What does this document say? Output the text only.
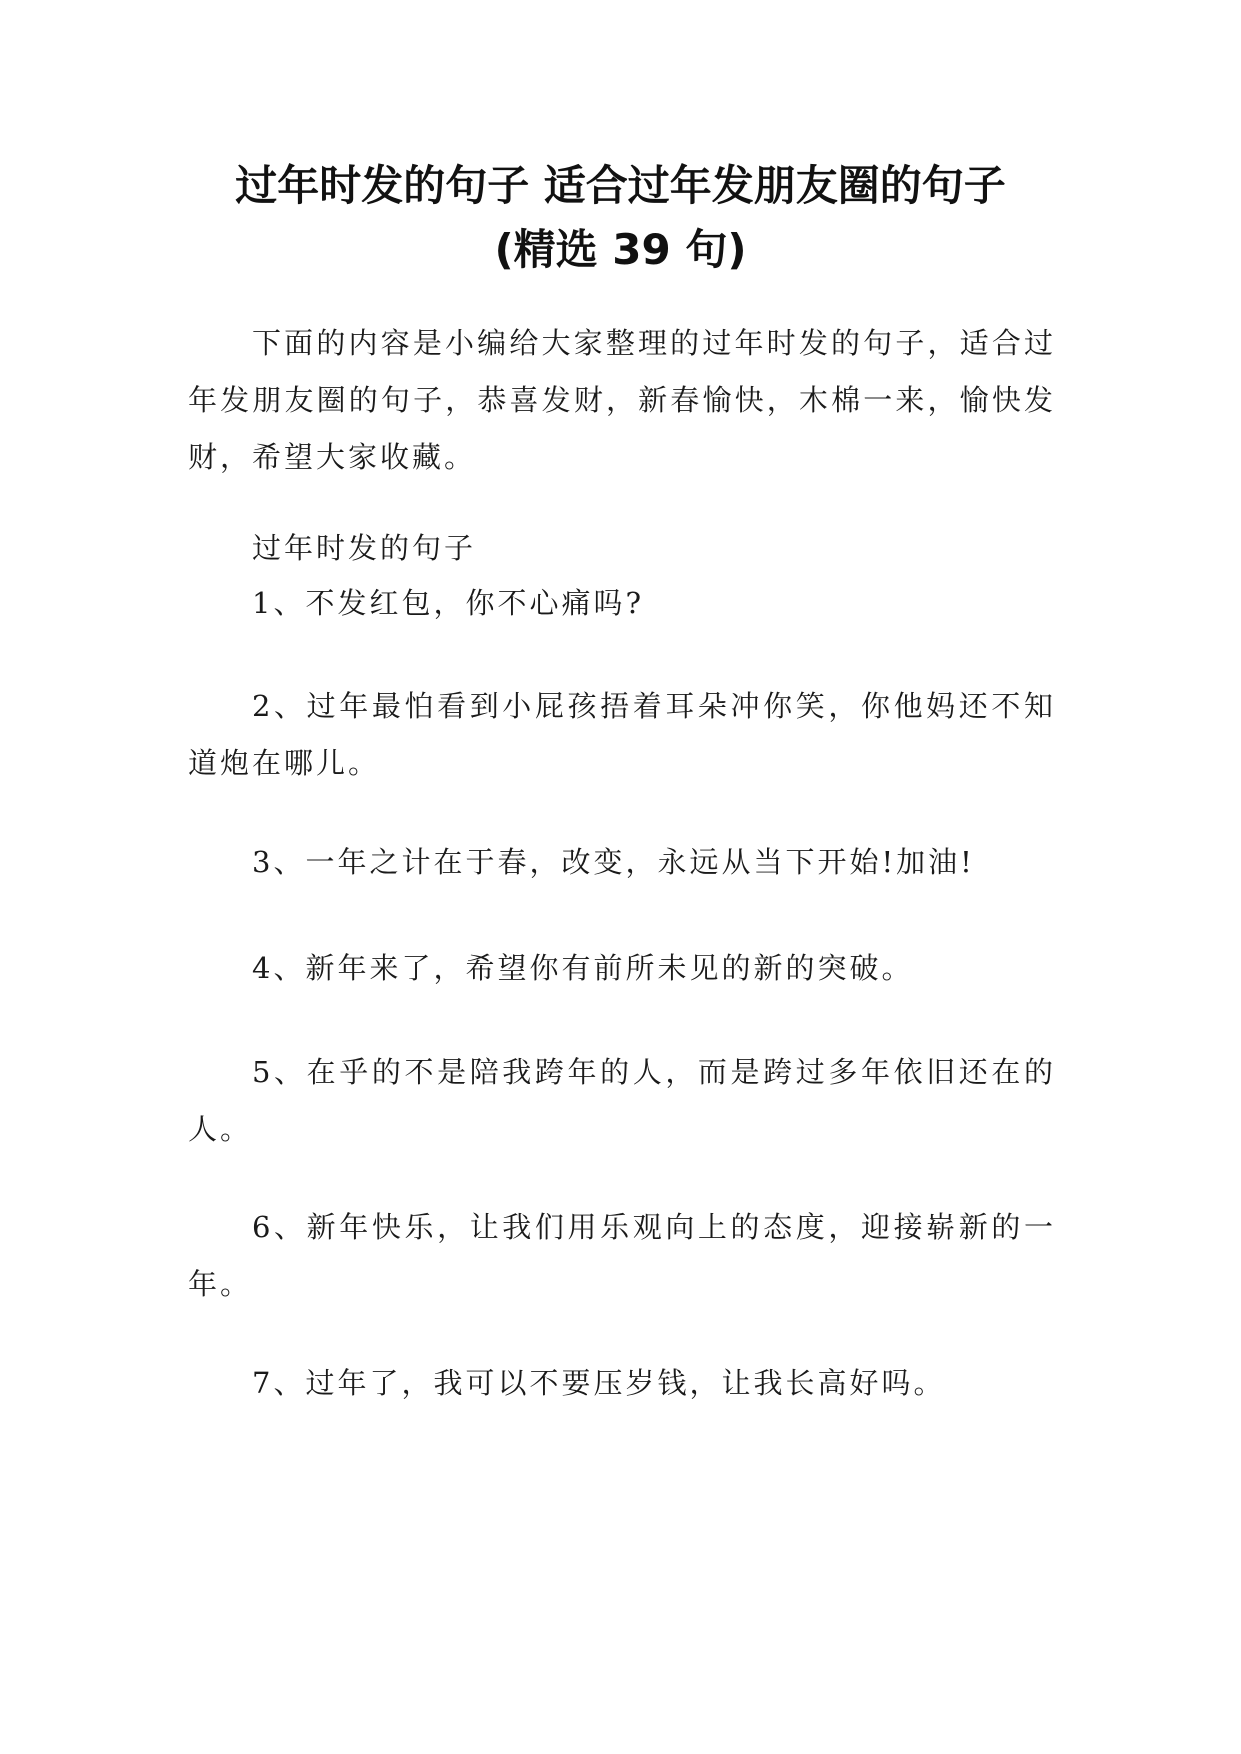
过年时发的句子 适合过年发朋友圈的句子
(精选 39 句)

下面的内容是小编给大家整理的过年时发的句子，适合过年发朋友圈的句子，恭喜发财，新春愉快，木棉一来，愉快发财，希望大家收藏。

过年时发的句子

1、不发红包，你不心痛吗?

2、过年最怕看到小屁孩捂着耳朵冲你笑，你他妈还不知道炮在哪儿。

3、一年之计在于春，改变，永远从当下开始!加油!

4、新年来了，希望你有前所未见的新的突破。

5、在乎的不是陪我跨年的人，而是跨过多年依旧还在的人。

6、新年快乐，让我们用乐观向上的态度，迎接崭新的一年。

7、过年了，我可以不要压岁钱，让我长高好吗。
